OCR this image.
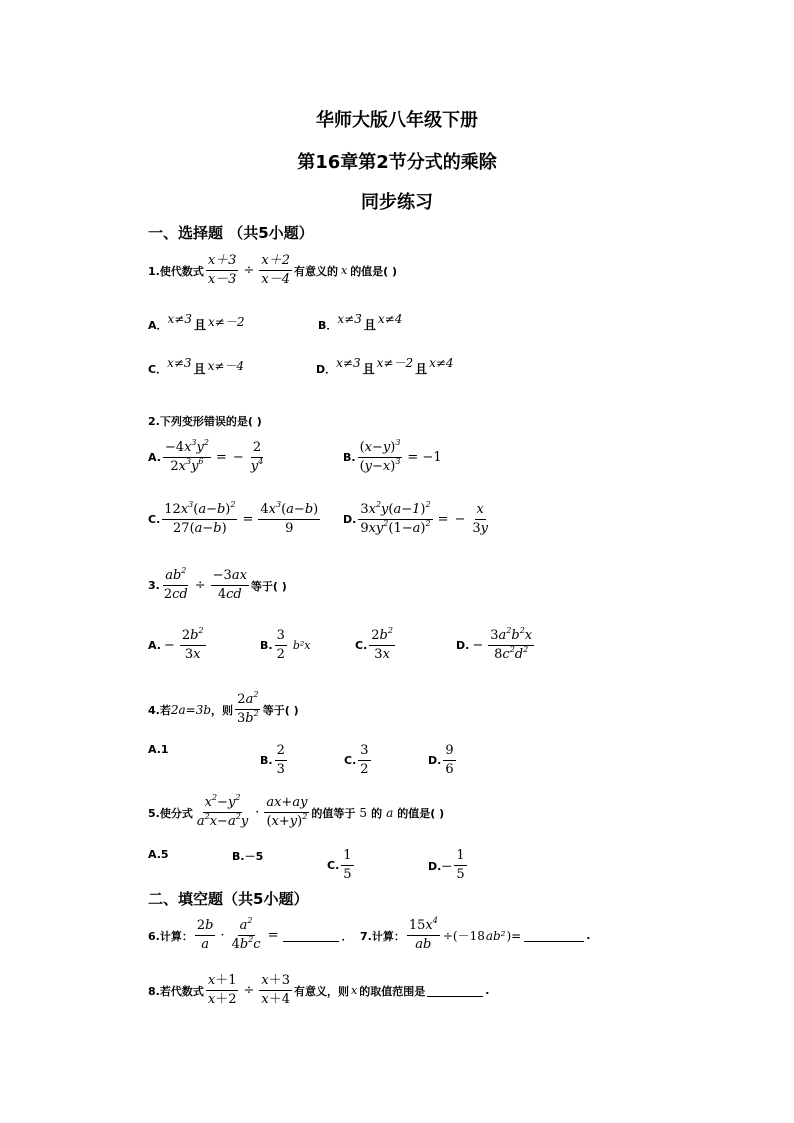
华师大版八年级下册
第16章第2节分式的乘除
同步练习
一、选择题 （共5小题）
1.使代数式 $\frac{x+3}{x-3} \div \frac{x+2}{x-4}$ 有意义的 x 的值是( )
A． x≠3 且 x≠－2	B． x≠3 且 x≠4
C． x≠3 且 x≠－4	D． x≠3 且 x≠－2 且 x≠4
2.下列变形错误的是( )
A. $\frac{-4x^3y^2}{2x^3y^6}$ = − $\frac{2}{y^4}$	B. $\frac{(x-y)^3}{(y-x)^3} = -1$
C. $\frac{12x^3(a-b)^2}{27(a-b)} = \frac{4x^3(a-b)}{9} D$. $\frac{3x^2y(a-1)^2}{9xy^2(1-a)^2}$ = − $\frac{x}{3y}$
3. $\frac{ab^2}{2cd} \div \frac{-3ax}{4cd}$ 等于( )
A. − $\frac{2b^2}{3x}$	B. $\frac{3}{2} b^2x$	C. $\frac{2b^2}{3x}$	D. − $\frac{3a^2b^2x}{8c^2d^2}$
4.若 2a=3b ，则 $\frac{2a^2}{3b^2}$ 等于( )
A.1
B. $\frac{2}{3}$	C. $\frac{3}{2}$	D. $\frac{9}{6}$
5.使分式 $\frac{x^2-y^2}{a^2x-a^2y} \cdot \frac{ax+ay}{(x+y)^2}$ 的值等于 5 的 a 的值是( )
A.5	B.－5
C. $\frac{1}{5}$	$D.- \frac{1}{5}$
二、填空题（共5小题）
6.计算： $\frac{2b}{a} \cdot \frac{a^2}{4b^2c}$ =	． 7.计算： $\frac{15x^4}{ab} \div(-18$ ab² )=	.
8.若代数式 $\frac{x+1}{x+2} \div \frac{x+3}{x+4}$ 有意义，则 x 的取值范围是	.
